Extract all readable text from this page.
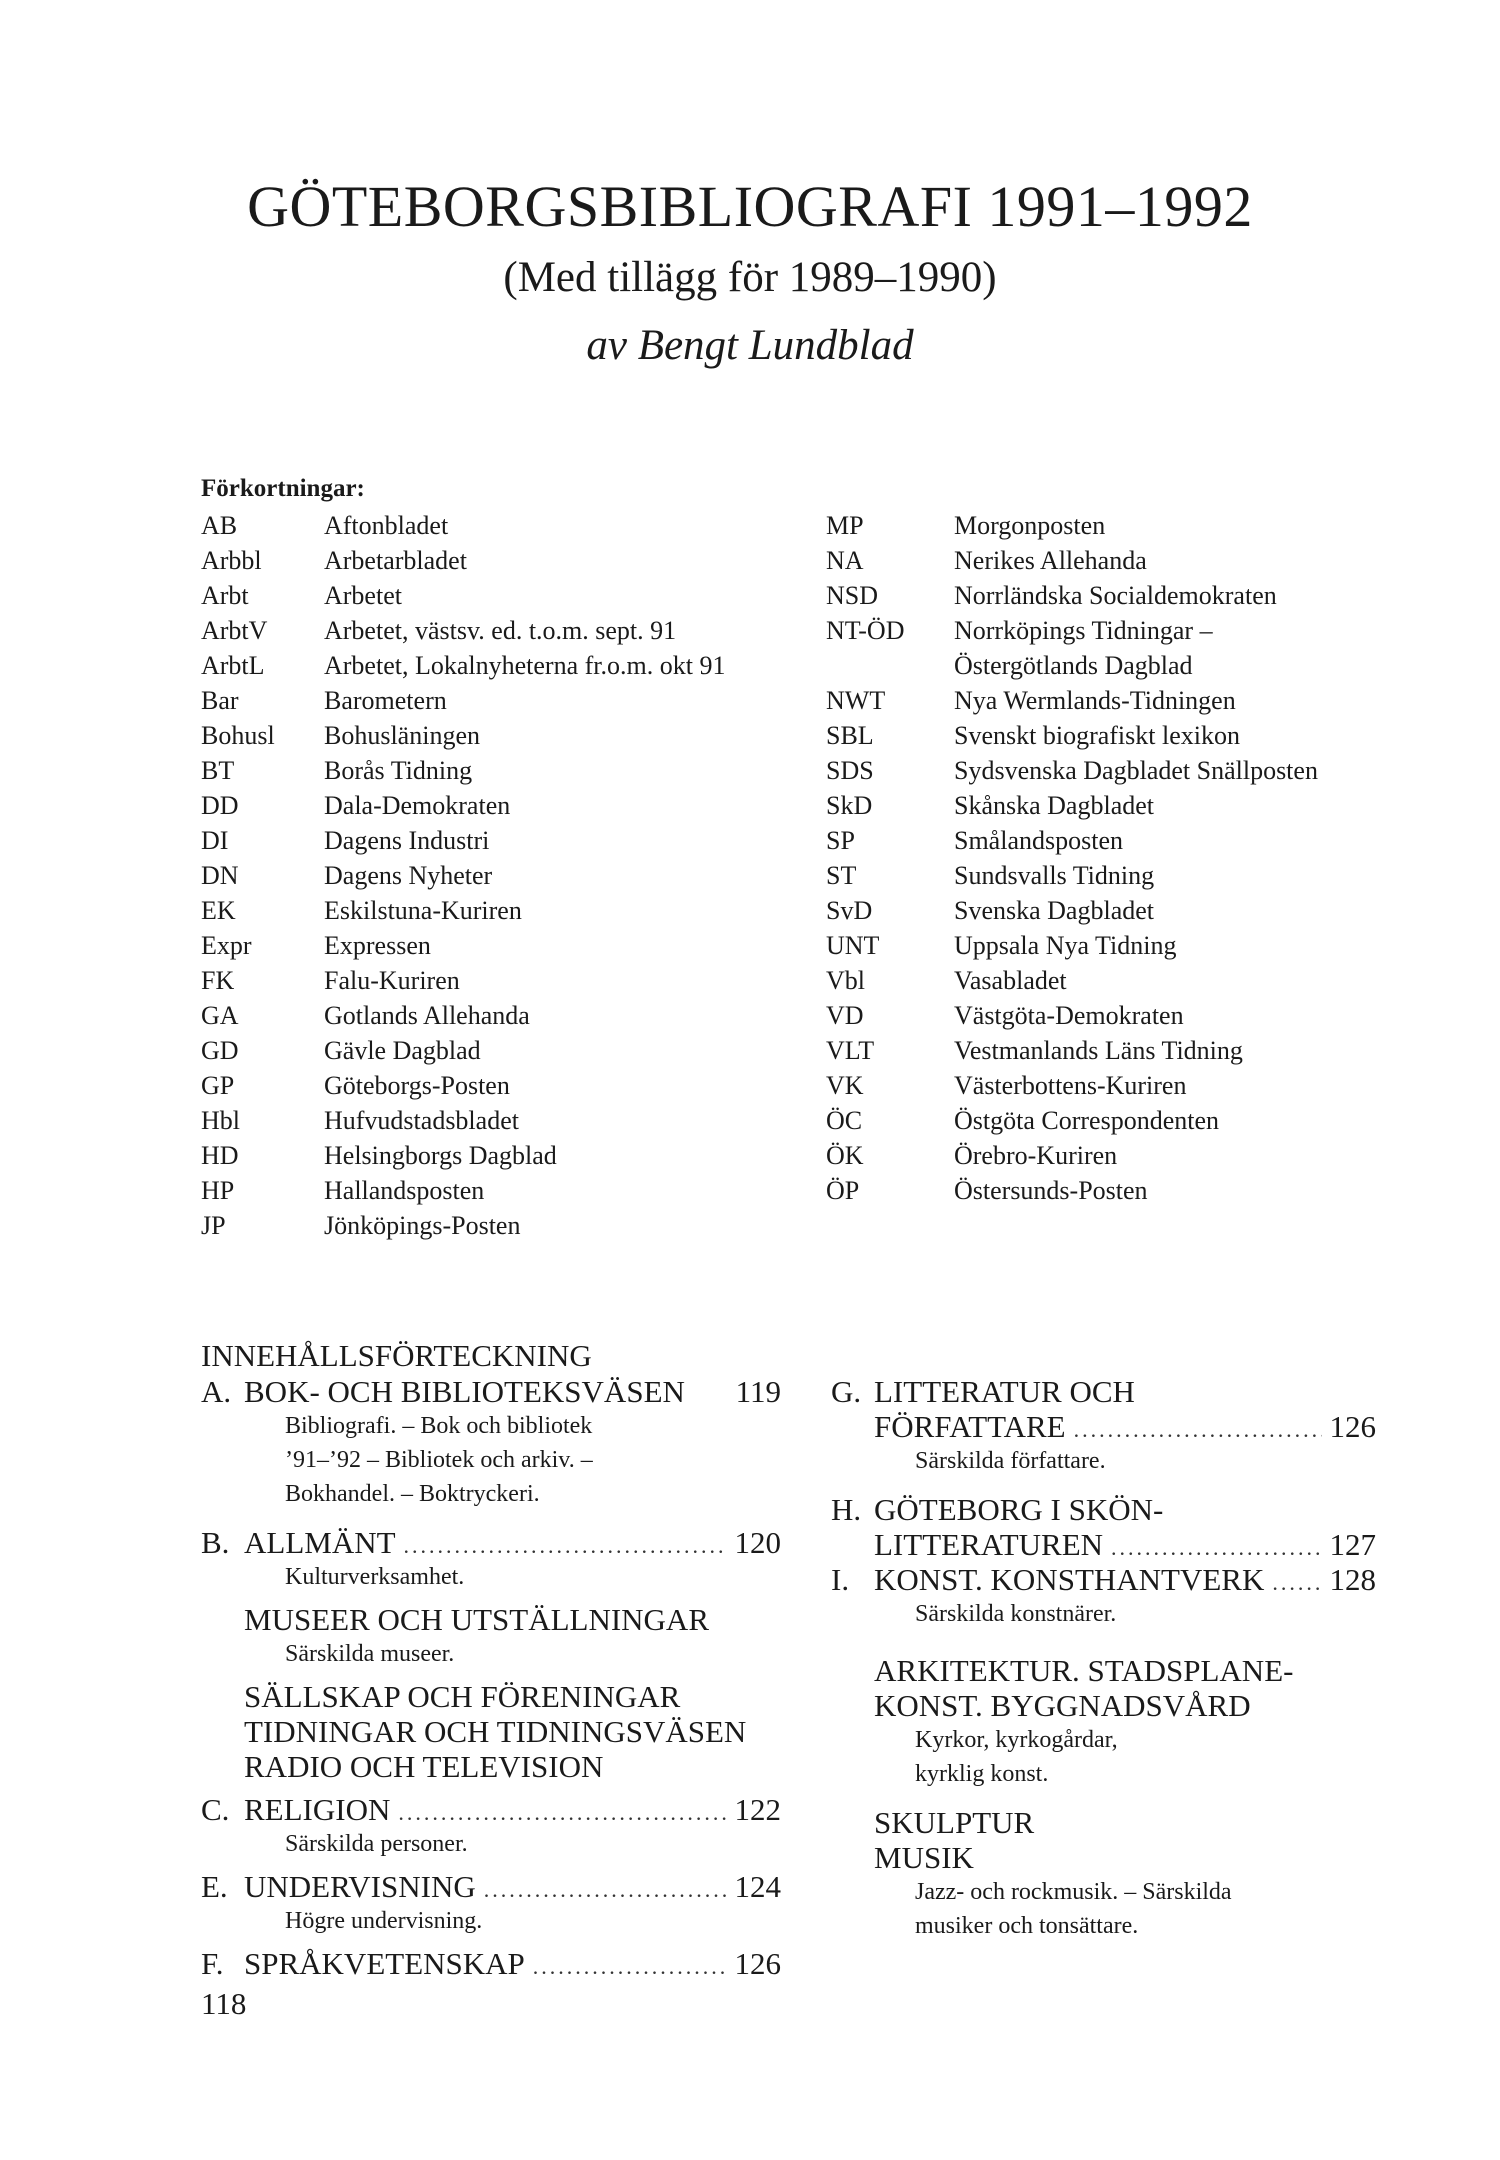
GÖTEBORGSBIBLIOGRAFI 1991–1992
(Med tillägg för 1989–1990)
av Bengt Lundblad
Förkortningar:
AB	Aftonbladet
Arbbl	Arbetarbladet
Arbt	Arbetet
ArbtV	Arbetet, västsv. ed. t.o.m. sept. 91
ArbtL	Arbetet, Lokalnyheterna fr.o.m. okt 91
Bar	Barometern
Bohusl	Bohusläningen
BT	Borås Tidning
DD	Dala-Demokraten
DI	Dagens Industri
DN	Dagens Nyheter
EK	Eskilstuna-Kuriren
Expr	Expressen
FK	Falu-Kuriren
GA	Gotlands Allehanda
GD	Gävle Dagblad
GP	Göteborgs-Posten
Hbl	Hufvudstadsbladet
HD	Helsingborgs Dagblad
HP	Hallandsposten
JP	Jönköpings-Posten
MP	Morgonposten
NA	Nerikes Allehanda
NSD	Norrländska Socialdemokraten
NT-ÖD	Norrköpings Tidningar –
Östergötlands Dagblad
NWT	Nya Wermlands-Tidningen
SBL	Svenskt biografiskt lexikon
SDS	Sydsvenska Dagbladet Snällposten
SkD	Skånska Dagbladet
SP	Smålandsposten
ST	Sundsvalls Tidning
SvD	Svenska Dagbladet
UNT	Uppsala Nya Tidning
Vbl	Vasabladet
VD	Västgöta-Demokraten
VLT	Vestmanlands Läns Tidning
VK	Västerbottens-Kuriren
ÖC	Östgöta Correspondenten
ÖK	Örebro-Kuriren
ÖP	Östersunds-Posten
INNEHÅLLSFÖRTECKNING
A. BOK- OCH BIBLIOTEKSVÄSEN 119
Bibliografi. – Bok och bibliotek
’91–’92 – Bibliotek och arkiv. –
Bokhandel. – Boktryckeri.
B. ALLMÄNT .....	120
Kulturverksamhet.
MUSEER OCH UTSTÄLLNINGAR
Särskilda museer.
SÄLLSKAP OCH FÖRENINGAR
TIDNINGAR OCH TIDNINGSVÄSEN
RADIO OCH TELEVISION
C. RELIGION .....	122
Särskilda personer.
E. UNDERVISNING .....	124
Högre undervisning.
F. SPRÅKVETENSKAP .....	126
G. LITTERATUR OCH
FÖRFATTARE .....	126
Särskilda författare.
H. GÖTEBORG I SKÖN-
LITTERATUREN .....	127
I. KONST. KONSTHANTVERK ..... 128
Särskilda konstnärer.
ARKITEKTUR. STADSPLANE-
KONST. BYGGNADSVÅRD
Kyrkor, kyrkogårdar,
kyrklig konst.
SKULPTUR
MUSIK
Jazz- och rockmusik. – Särskilda
musiker och tonsättare.
118
